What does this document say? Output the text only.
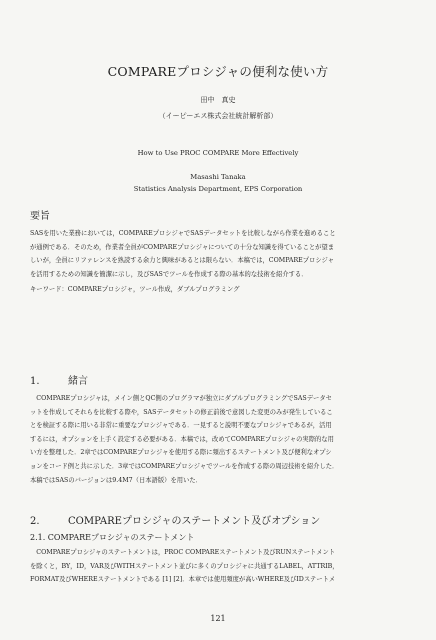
COMPAREプロシジャの便利な使い方
田中　真史
（イーピーエス株式会社統計解析部）
How to Use PROC COMPARE More Effectively
Masashi Tanaka
Statistics Analysis Department, EPS Corporation
要旨
SASを用いた業務においては，COMPAREプロシジャでSASデータセットを比較しながら作業を進めること
が通例である．そのため，作業者全員がCOMPAREプロシジャについての十分な知識を得ていることが望ま
しいが，全員にリファレンスを熟読する余力と興味があるとは限らない．本稿では，COMPAREプロシジャ
を活用するための知識を簡潔に示し，及びSASでツールを作成する際の基本的な技術を紹介する．
キーワード：COMPAREプロシジャ，ツール作成，ダブルプログラミング
1.	緒言
　COMPAREプロシジャは，メイン側とQC側のプログラマが独立にダブルプログラミングでSASデータセ
ットを作成してそれらを比較する際や，SASデータセットの修正前後で意図した変更のみが発生しているこ
とを検証する際に用いる非常に重要なプロシジャである．一見すると説明不要なプロシジャであるが，活用
するには，オプションを上手く設定する必要がある．本稿では，改めてCOMPAREプロシジャの実際的な用
い方を整理した．2章ではCOMPAREプロシジャを使用する際に頻出するステートメント及び便利なオプシ
ョンをコード例と共に示した．3章ではCOMPAREプロシジャでツールを作成する際の周辺技術を紹介した．
本稿ではSASのバージョンは9.4M7（日本語版）を用いた．
2.	COMPAREプロシジャのステートメント及びオプション
2.1. COMPAREプロシジャのステートメント
　COMPAREプロシジャのステートメントは，PROC COMPAREステートメント及びRUNステートメント
を除くと，BY，ID，VAR及びWITHステートメント並びに多くのプロシジャに共通するLABEL，ATTRIB，
FORMAT及びWHEREステートメントである [1] [2]．本章では使用頻度が高いWHERE及びIDステートメ
121
